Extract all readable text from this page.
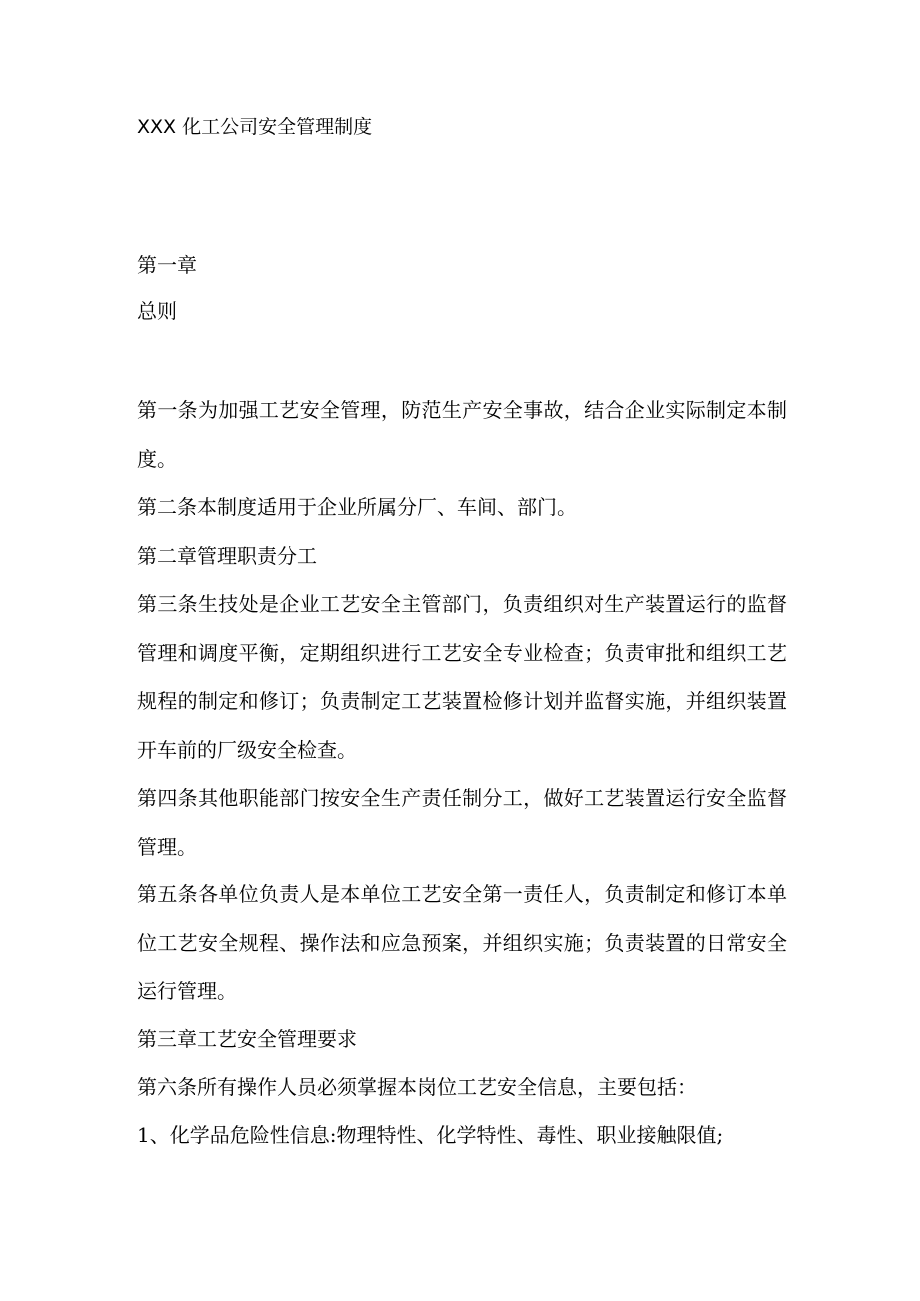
XXX 化工公司安全管理制度
第一章
总则
第一条为加强工艺安全管理，防范生产安全事故，结合企业实际制定本制度。
第二条本制度适用于企业所属分厂、车间、部门。
第二章管理职责分工
第三条生技处是企业工艺安全主管部门，负责组织对生产装置运行的监督管理和调度平衡，定期组织进行工艺安全专业检查；负责审批和组织工艺规程的制定和修订；负责制定工艺装置检修计划并监督实施，并组织装置开车前的厂级安全检查。
第四条其他职能部门按安全生产责任制分工，做好工艺装置运行安全监督管理。
第五条各单位负责人是本单位工艺安全第一责任人，负责制定和修订本单位工艺安全规程、操作法和应急预案，并组织实施；负责装置的日常安全运行管理。
第三章工艺安全管理要求
第六条所有操作人员必须掌握本岗位工艺安全信息，主要包括：
1、化学品危险性信息:物理特性、化学特性、毒性、职业接触限值;
